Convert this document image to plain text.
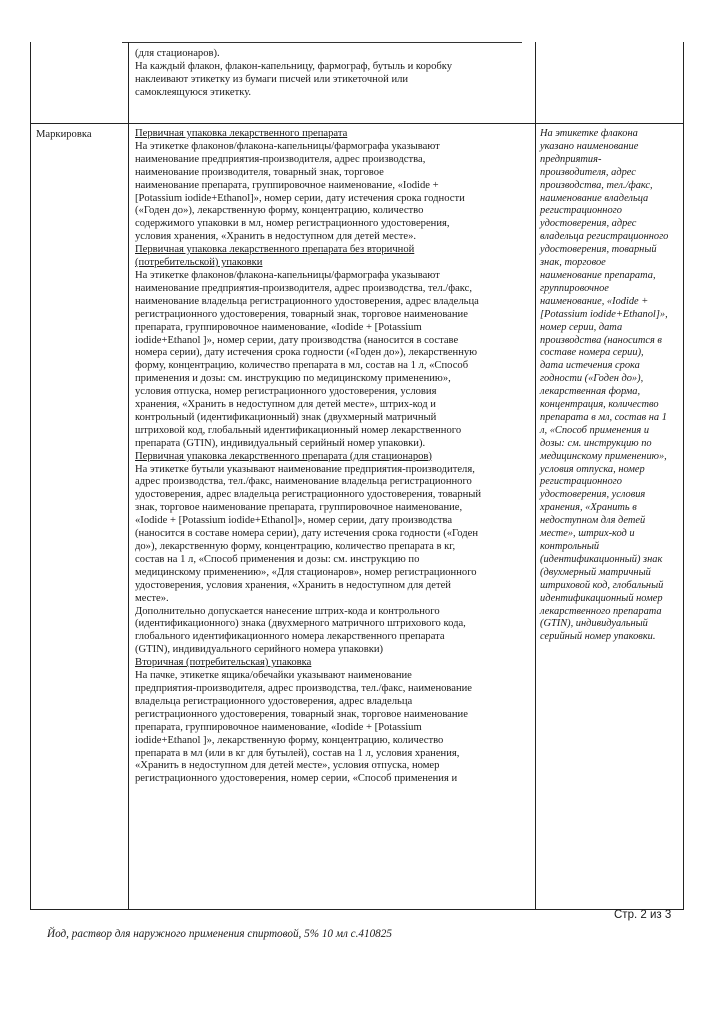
(для стационаров).
На каждый флакон, флакон-капельницу, фармограф, бутыль и коробку
наклеивают этикетку из бумаги писчей или этикеточной или
самоклеящуюся этикетку.
Маркировка	Первичная упаковка лекарственного препарата
На этикетке флаконов/флакона-капельницы/фармографа указывают
наименование предприятия-производителя, адрес производства,
наименование производителя, товарный знак, торговое
наименование препарата, группировочное наименование, «Iodide +
[Potassium iodide+Ethanol]», номер серии, дату истечения срока годности
(«Годен до»), лекарственную форму, концентрацию, количество
содержимого упаковки в мл, номер регистрационного удостоверения,
условия хранения, «Хранить в недоступном для детей месте».
Первичная упаковка лекарственного препарата без вторичной
(потребительской) упаковки
На этикетке флаконов/флакона-капельницы/фармографа указывают
наименование предприятия-производителя, адрес производства, тел./факс,
наименование владельца регистрационного удостоверения, адрес владельца
регистрационного удостоверения, товарный знак, торговое наименование
препарата, группировочное наименование, «Iodide + [Potassium
iodide+Ethanol ]», номер серии, дату производства (наносится в составе
номера серии), дату истечения срока годности («Годен до»), лекарственную
форму, концентрацию, количество препарата в мл, состав на 1 л, «Способ
применения и дозы: см. инструкцию по медицинскому применению»,
условия отпуска, номер регистрационного удостоверения, условия
хранения, «Хранить в недоступном для детей месте», штрих-код и
контрольный (идентификационный) знак (двухмерный матричный
штриховой код, глобальный идентификационный номер лекарственного
препарата (GTIN), индивидуальный серийный номер упаковки).
Первичная упаковка лекарственного препарата (для стационаров)
На этикетке бутыли указывают наименование предприятия-производителя,
адрес производства, тел./факс, наименование владельца регистрационного
удостоверения, адрес владельца регистрационного удостоверения, товарный
знак, торговое наименование препарата, группировочное наименование,
«Iodide + [Potassium iodide+Ethanol]», номер серии, дату производства
(наносится в составе номера серии), дату истечения срока годности («Годен
до»), лекарственную форму, концентрацию, количество препарата в кг,
состав на 1 л, «Способ применения и дозы: см. инструкцию по
медицинскому применению», «Для стационаров», номер регистрационного
удостоверения, условия хранения, «Хранить в недоступном для детей
месте».
Дополнительно допускается нанесение штрих-кода и контрольного
(идентификационного) знака (двухмерного матричного штрихового кода,
глобального идентификационного номера лекарственного препарата
(GTIN), индивидуального серийного номера упаковки)
Вторичная (потребительская) упаковка
На пачке, этикетке ящика/обечайки указывают наименование
предприятия-производителя, адрес производства, тел./факс, наименование
владельца регистрационного удостоверения, адрес владельца
регистрационного удостоверения, товарный знак, торговое наименование
препарата, группировочное наименование, «Iodide + [Potassium
iodide+Ethanol ]», лекарственную форму, концентрацию, количество
препарата в мл (или в кг для бутылей), состав на 1 л, условия хранения,
«Хранить в недоступном для детей месте», условия отпуска, номер
регистрационного удостоверения, номер серии, «Способ применения и
На этикетке флакона
указано наименование
предприятия-
производителя, адрес
производства, тел./факс,
наименование владельца
регистрационного
удостоверения, адрес
владельца регистрационного
удостоверения, товарный
знак, торговое
наименование препарата,
группировочное
наименование, «Iodide +
[Potassium iodide+Ethanol]»,
номер серии, дата
производства (наносится в
составе номера серии),
дата истечения срока
годности («Годен до»),
лекарственная форма,
концентрация, количество
препарата в мл, состав на 1
л, «Способ применения и
дозы: см. инструкцию по
медицинскому применению»,
условия отпуска, номер
регистрационного
удостоверения, условия
хранения, «Хранить в
недоступном для детей
месте», штрих-код и
контрольный
(идентификационный) знак
(двухмерный матричный
штриховой код, глобальный
идентификационный номер
лекарственного препарата
(GTIN), индивидуальный
серийный номер упаковки.
Стр. 2 из 3
Йод, раствор для наружного применения спиртовой, 5% 10 мл с.410825
